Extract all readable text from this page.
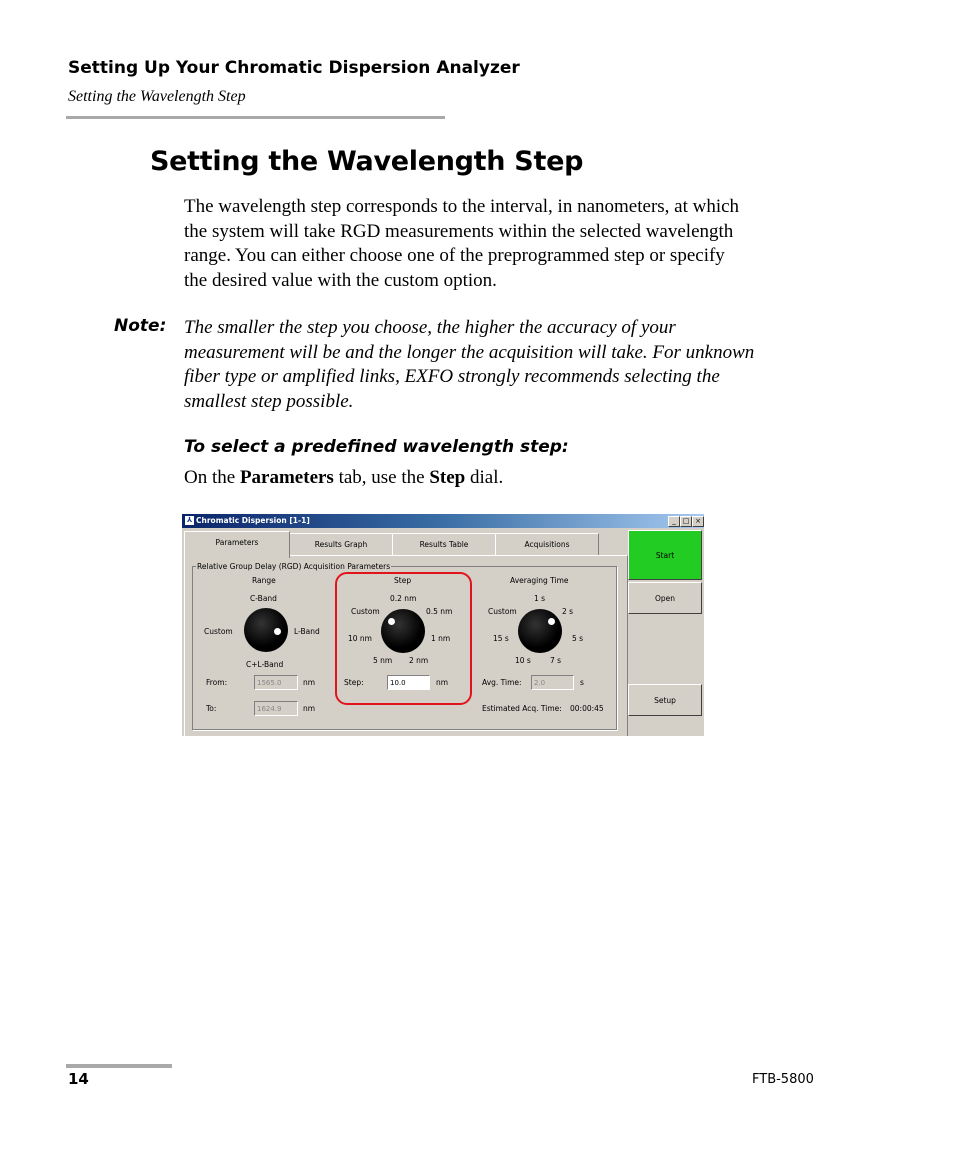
Setting Up Your Chromatic Dispersion Analyzer
Setting the Wavelength Step
Setting the Wavelength Step
The wavelength step corresponds to the interval, in nanometers, at which
the system will take RGD measurements within the selected wavelength
range. You can either choose one of the preprogrammed step or specify
the desired value with the custom option.
Note: The smaller the step you choose, the higher the accuracy of your
measurement will be and the longer the acquisition will take. For unknown
fiber type or amplified links, EXFO strongly recommends selecting the
smallest step possible.
To select a predefined wavelength step:
On the Parameters tab, use the Step dial.
⅄ Chromatic Dispersion [1-1]	_ □ ×
Parameters	Results Graph	Results Table	Acquisitions
Relative Group Delay (RGD) Acquisition Parameters
Range
C-Band
Custom	L-Band
C+L-Band
From:	1565.0	nm
To:	1624.9	nm
Step
0.2 nm
Custom	0.5 nm
10 nm	1 nm
5 nm 2 nm
Step:	10.0	nm
Averaging Time
1 s
Custom	2 s
15 s	5 s
10 s	7 s
Avg. Time:	2.0	s
Estimated Acq. Time: 00:00:45
Start
Open
Setup
14	FTB-5800
